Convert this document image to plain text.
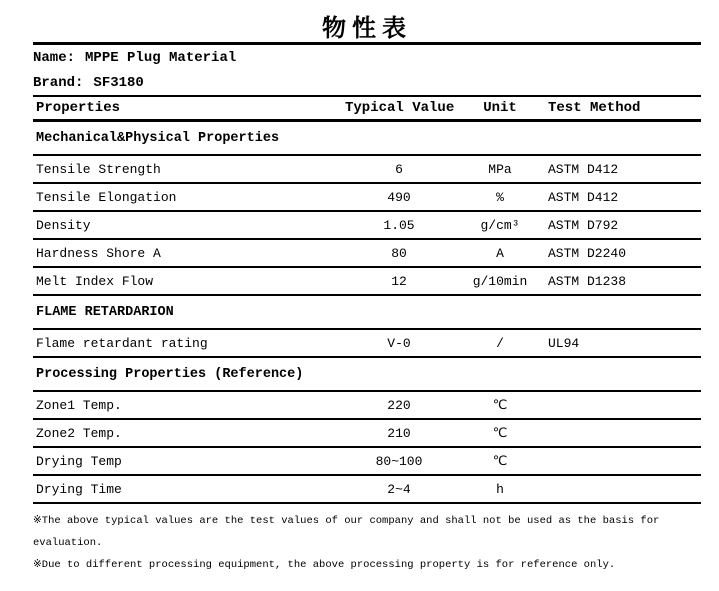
物性表
Name: MPPE Plug Material
Brand: SF3180
Properties	Typical Value	Unit	Test Method
Mechanical&Physical Properties
Tensile Strength	6	MPa	ASTM D412
Tensile Elongation	490	%	ASTM D412
Density	1.05	g/cm³	ASTM D792
Hardness Shore A	80	A	ASTM D2240
Melt Index Flow	12	g/10min	ASTM D1238
FLAME RETARDARION
Flame retardant rating	V-0	/	UL94
Processing Properties (Reference)
Zone1 Temp.	220	℃
Zone2 Temp.	210	℃
Drying Temp	80~100	℃
Drying Time	2~4	h
※The above typical values are the test values of our company and shall not be used as the basis for evaluation.
※Due to different processing equipment, the above processing property is for reference only.
